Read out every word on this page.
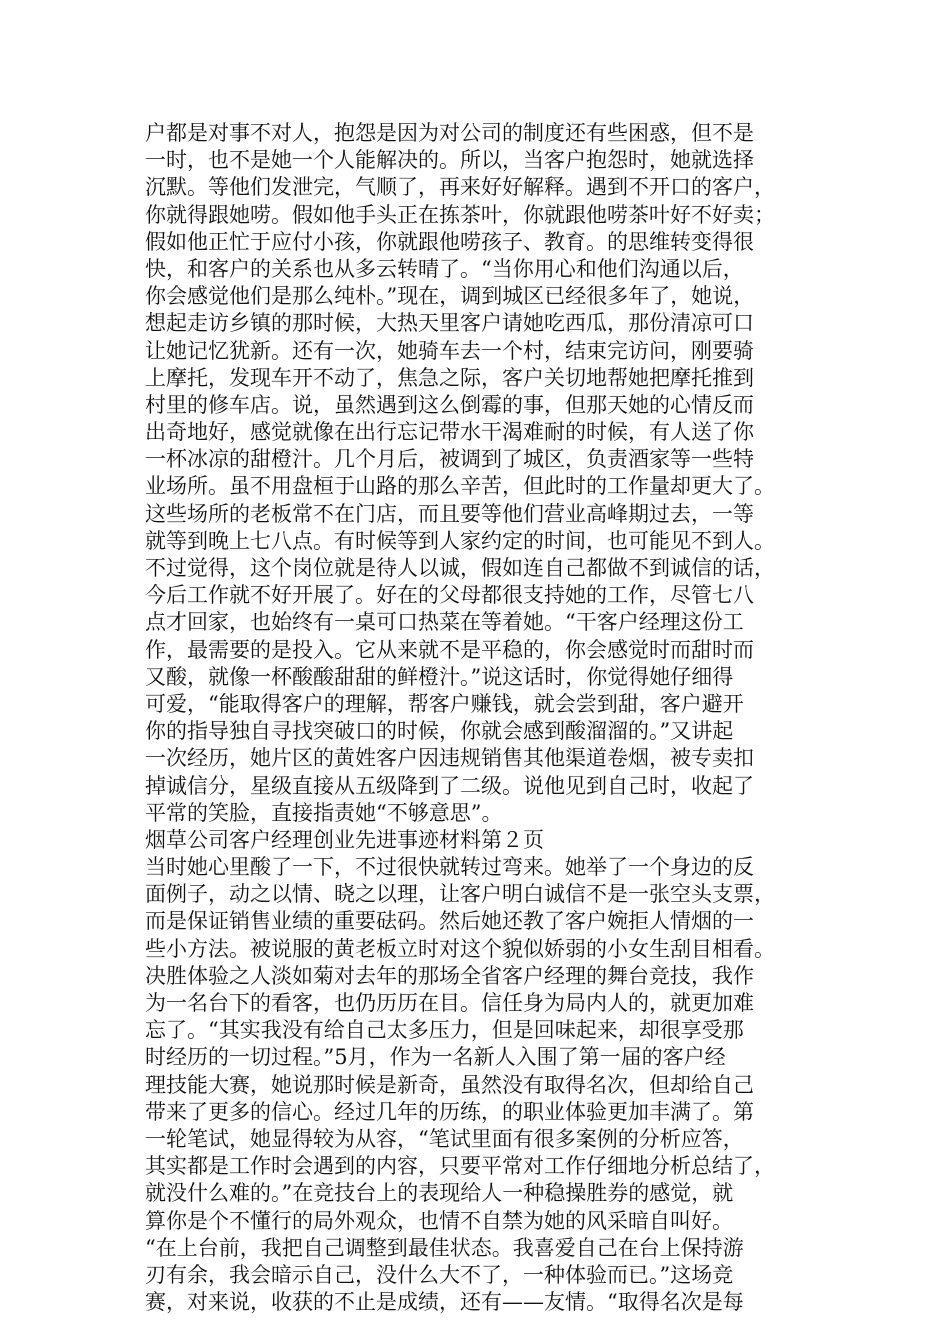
户都是对事不对人，抱怨是因为对公司的制度还有些困惑，但不是
一时，也不是她一个人能解决的。所以，当客户抱怨时，她就选择
沉默。等他们发泄完，气顺了，再来好好解释。遇到不开口的客户，
你就得跟她唠。假如他手头正在拣茶叶，你就跟他唠茶叶好不好卖；
假如他正忙于应付小孩，你就跟他唠孩子、教育。的思维转变得很
快，和客户的关系也从多云转晴了。“当你用心和他们沟通以后，
你会感觉他们是那么纯朴。”现在，调到城区已经很多年了，她说，
想起走访乡镇的那时候，大热天里客户请她吃西瓜，那份清凉可口
让她记忆犹新。还有一次，她骑车去一个村，结束完访问，刚要骑
上摩托，发现车开不动了，焦急之际，客户关切地帮她把摩托推到
村里的修车店。说，虽然遇到这么倒霉的事，但那天她的心情反而
出奇地好，感觉就像在出行忘记带水干渴难耐的时候，有人送了你
一杯冰凉的甜橙汁。几个月后，被调到了城区，负责酒家等一些特
业场所。虽不用盘桓于山路的那么辛苦，但此时的工作量却更大了。
这些场所的老板常不在门店，而且要等他们营业高峰期过去，一等
就等到晚上七八点。有时候等到人家约定的时间，也可能见不到人。
不过觉得，这个岗位就是待人以诚，假如连自己都做不到诚信的话，
今后工作就不好开展了。好在的父母都很支持她的工作，尽管七八
点才回家，也始终有一桌可口热菜在等着她。“干客户经理这份工
作，最需要的是投入。它从来就不是平稳的，你会感觉时而甜时而
又酸，就像一杯酸酸甜甜的鲜橙汁。”说这话时，你觉得她仔细得
可爱，“能取得客户的理解，帮客户赚钱，就会尝到甜，客户避开
你的指导独自寻找突破口的时候，你就会感到酸溜溜的。”又讲起
一次经历，她片区的黄姓客户因违规销售其他渠道卷烟，被专卖扣
掉诚信分，星级直接从五级降到了二级。说他见到自己时，收起了
平常的笑脸，直接指责她“不够意思”。
烟草公司客户经理创业先进事迹材料第２页
当时她心里酸了一下，不过很快就转过弯来。她举了一个身边的反
面例子，动之以情、晓之以理，让客户明白诚信不是一张空头支票，
而是保证销售业绩的重要砝码。然后她还教了客户婉拒人情烟的一
些小方法。被说服的黄老板立时对这个貌似娇弱的小女生刮目相看。
决胜体验之人淡如菊对去年的那场全省客户经理的舞台竞技，我作
为一名台下的看客，也仍历历在目。信任身为局内人的，就更加难
忘了。“其实我没有给自己太多压力，但是回味起来，却很享受那
时经历的一切过程。”5月，作为一名新人入围了第一届的客户经
理技能大赛，她说那时候是新奇，虽然没有取得名次，但却给自己
带来了更多的信心。经过几年的历练，的职业体验更加丰满了。第
一轮笔试，她显得较为从容，“笔试里面有很多案例的分析应答，
其实都是工作时会遇到的内容，只要平常对工作仔细地分析总结了，
就没什么难的。”在竞技台上的表现给人一种稳操胜券的感觉，就
算你是个不懂行的局外观众，也情不自禁为她的风采暗自叫好。
“在上台前，我把自己调整到最佳状态。我喜爱自己在台上保持游
刃有余，我会暗示自己，没什么大不了，一种体验而已。”这场竞
赛，对来说，收获的不止是成绩，还有——友情。“取得名次是每
